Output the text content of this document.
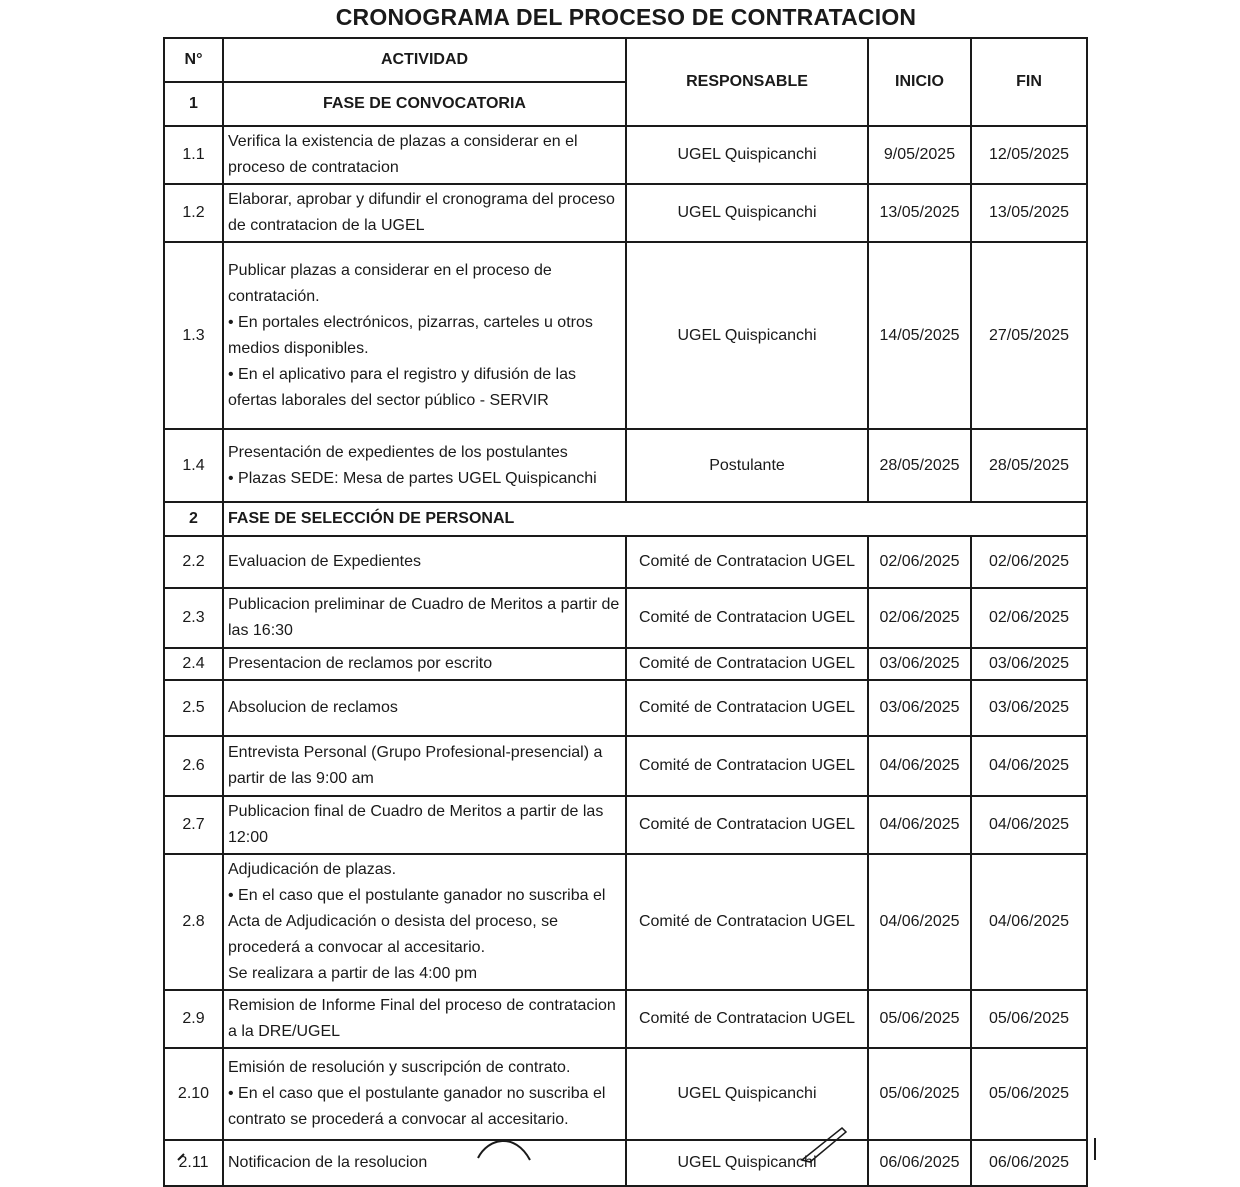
CRONOGRAMA DEL PROCESO DE CONTRATACION
N°	ACTIVIDAD	RESPONSABLE	INICIO	FIN
1	FASE DE CONVOCATORIA			
1.1	Verifica la existencia de plazas a considerar en el proceso de contratacion	UGEL Quispicanchi	9/05/2025	12/05/2025
1.2	Elaborar, aprobar y difundir el cronograma del proceso de contratacion de la UGEL	UGEL Quispicanchi	13/05/2025	13/05/2025
1.3	Publicar plazas a considerar en el proceso de contratación.
• En portales electrónicos, pizarras, carteles u otros medios disponibles.
• En el aplicativo para el registro y difusión de las ofertas laborales del sector público - SERVIR	UGEL Quispicanchi	14/05/2025	27/05/2025
1.4	Presentación de expedientes de los postulantes
• Plazas SEDE: Mesa de partes UGEL Quispicanchi	Postulante	28/05/2025	28/05/2025
2	FASE DE SELECCIÓN DE PERSONAL			
2.2	Evaluacion de Expedientes	Comité de Contratacion UGEL	02/06/2025	02/06/2025
2.3	Publicacion preliminar de Cuadro de Meritos a partir de las 16:30	Comité de Contratacion UGEL	02/06/2025	02/06/2025
2.4	Presentacion de reclamos por escrito	Comité de Contratacion UGEL	03/06/2025	03/06/2025
2.5	Absolucion de reclamos	Comité de Contratacion UGEL	03/06/2025	03/06/2025
2.6	Entrevista Personal (Grupo Profesional-presencial) a partir de las 9:00 am	Comité de Contratacion UGEL	04/06/2025	04/06/2025
2.7	Publicacion final de Cuadro de Meritos a partir de las 12:00	Comité de Contratacion UGEL	04/06/2025	04/06/2025
2.8	Adjudicación de plazas.
• En el caso que el postulante ganador no suscriba el Acta de Adjudicación o desista del proceso, se procederá a convocar al accesitario.
Se realizara a partir de las 4:00 pm	Comité de Contratacion UGEL	04/06/2025	04/06/2025
2.9	Remision de Informe Final del proceso de contratacion a la DRE/UGEL	Comité de Contratacion UGEL	05/06/2025	05/06/2025
2.10	Emisión de resolución y suscripción de contrato.
• En el caso que el postulante ganador no suscriba el contrato se procederá a convocar al accesitario.	UGEL Quispicanchi	05/06/2025	05/06/2025
2.11	Notificacion de la resolucion	UGEL Quispicanchi	06/06/2025	06/06/2025
